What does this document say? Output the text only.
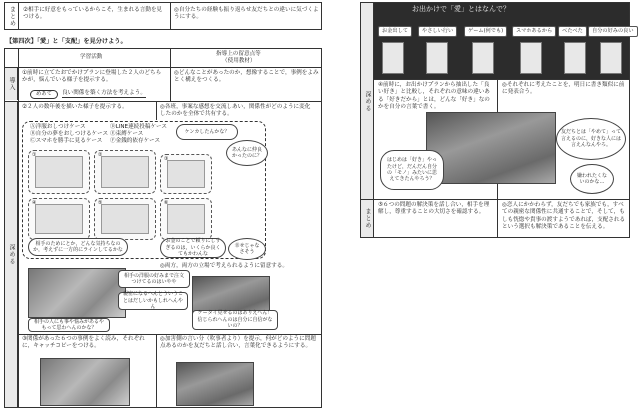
まとめ ②相手に好意をもっているからこそ，生まれる言動を見つける。
◎自分たちの経験も振り返らせ友だちとの違いに気づくようにする。
【第四次】「愛」と「支配」を見分けよう。
学習活動	指導上の留意点等
（使用教材）
導入
①前時に立てたおでかけプランに登場した２人のどちらかが，悩んでいる様子を提示する。
◎どんなことがあったのか，想像することで，事例をよみとく構えをつくる。
めあて	良い関係を築く方法を考えよう。
深める
②２人の数年後を描いた様子を提示する。	◎各班，事案な感想を交流しあい，関係性がどのように変化したのかを全体で共有する。
Ⓐ洋服おしつけケース
Ⓑ自分の夢をおしつけるケース
Ⓒスマホを勝手に見るケース
ⒹLINE連続投稿ケース
Ⓔ束縛ケース
Ⓕ金銭的依存ケース
①	②
③
④	⑤	⑥
ケンカしたんかな？
あんなに仲良かったのに？
相手のためにとか，どんな気持ちなのか，考えずに一方的にラインしてるかな
お金のことで頼りにしすぎるのは，いくらか良くてもかわんな
幸せじゃなさそう
◎両方，両方の立場で考えられるように留意する。
相手の洋服の好みまで注文つけてるのはいやや
親密になるへんとういうことはだしいかもしれへんやん
相手の人にも事や悩みがあるやもって思わへんのかな？
ケータイ見せるのはありえへん！信じられへんのは自分に自信がないの？
③関係があった６つの事例をよく読み，それぞれに，キャッチコピーをつける。
◎加害側の言い分（吹事者より）を提示，何がどのように問題点あるのかを友だちと話し合い，言葉化できるようにする。
お出かけで「愛」とはなんで？
お金出して	やさしい行い	ゲーム(何でも)	スマホあるから	べたべた	自分の好みの良い
深める
④前時に，お出かけプランから抽出した「良い好き」と比較し，それぞれの意味の違いある「好きだから」とは，どんな「好き」なのかを自分の言葉で書く。
◎それぞれに考えたことを，明日に書き類似に前に発表合う。
はじめは「好き」やったけど，だんだん自分の「モノ」みたいに思えてきたんやろう？
友だちとは「やめて」って言えるのに，好きな人には言えんなんやろ。
嫌われたくないのかな…
まとめ
⑤６つの問題の解決策を話し合い，相手を理解し，尊重することの大切さを確認する。
◎恋人にかかわらず，友だちでも家族でも，すべての親密な関係性に共通することで，そして，もしも恍惚や貴事の渡すようであれば，支配されるという選択も解決策であることを伝える。
